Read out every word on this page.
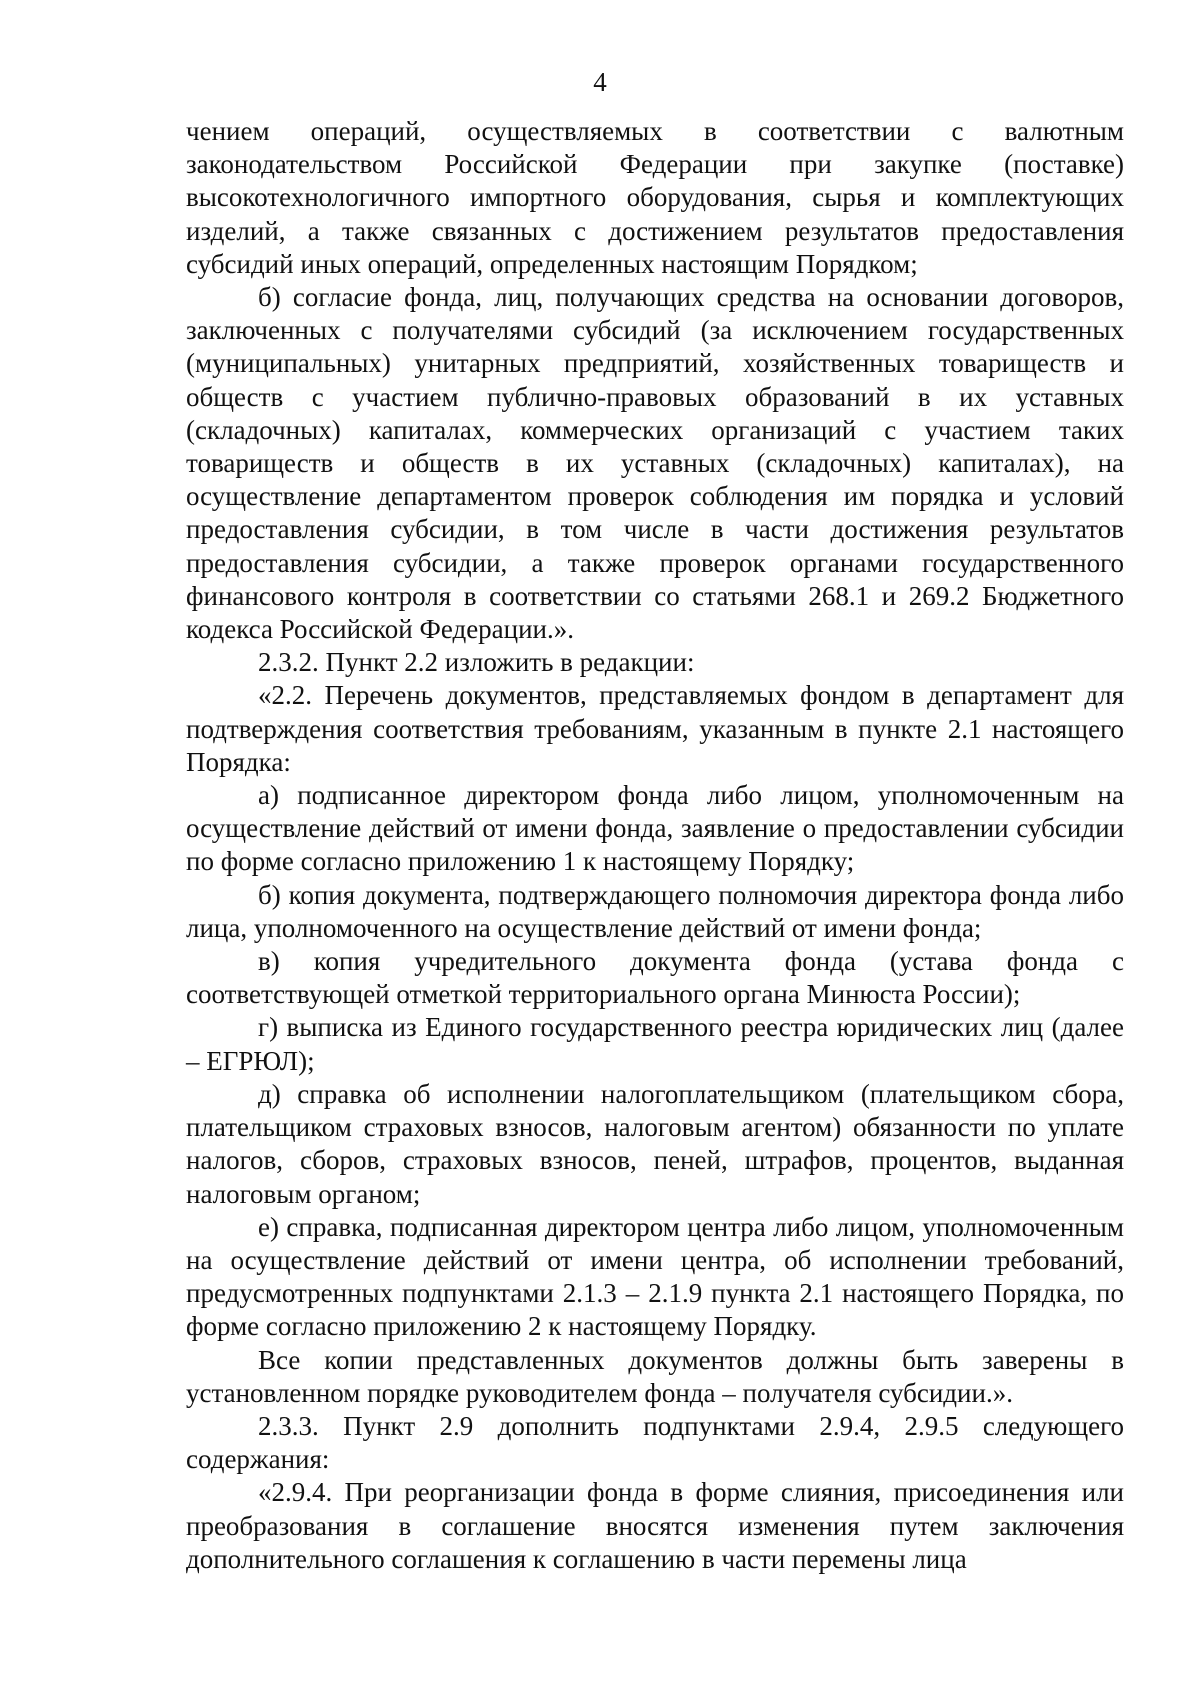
4

чением операций, осуществляемых в соответствии с валютным законодательством Российской Федерации при закупке (поставке) высокотехнологичного импортного оборудования, сырья и комплектующих изделий, а также связанных с достижением результатов предоставления субсидий иных операций, определенных настоящим Порядком;

б) согласие фонда, лиц, получающих средства на основании договоров, заключенных с получателями субсидий (за исключением государственных (муниципальных) унитарных предприятий, хозяйственных товариществ и обществ с участием публично-правовых образований в их уставных (складочных) капиталах, коммерческих организаций с участием таких товариществ и обществ в их уставных (складочных) капиталах), на осуществление департаментом проверок соблюдения им порядка и условий предоставления субсидии, в том числе в части достижения результатов предоставления субсидии, а также проверок органами государственного финансового контроля в соответствии со статьями 268.1 и 269.2 Бюджетного кодекса Российской Федерации.».

2.3.2. Пункт 2.2 изложить в редакции:

«2.2. Перечень документов, представляемых фондом в департамент для подтверждения соответствия требованиям, указанным в пункте 2.1 настоящего Порядка:

а) подписанное директором фонда либо лицом, уполномоченным на осуществление действий от имени фонда, заявление о предоставлении субсидии по форме согласно приложению 1 к настоящему Порядку;

б) копия документа, подтверждающего полномочия директора фонда либо лица, уполномоченного на осуществление действий от имени фонда;

в) копия учредительного документа фонда (устава фонда с соответствующей отметкой территориального органа Минюста России);

г) выписка из Единого государственного реестра юридических лиц (далее – ЕГРЮЛ);

д) справка об исполнении налогоплательщиком (плательщиком сбора, плательщиком страховых взносов, налоговым агентом) обязанности по уплате налогов, сборов, страховых взносов, пеней, штрафов, процентов, выданная налоговым органом;

е) справка, подписанная директором центра либо лицом, уполномоченным на осуществление действий от имени центра, об исполнении требований, предусмотренных подпунктами 2.1.3 – 2.1.9 пункта 2.1 настоящего Порядка, по форме согласно приложению 2 к настоящему Порядку.

Все копии представленных документов должны быть заверены в установленном порядке руководителем фонда – получателя субсидии.».

2.3.3. Пункт 2.9 дополнить подпунктами 2.9.4, 2.9.5 следующего содержания:

«2.9.4. При реорганизации фонда в форме слияния, присоединения или преобразования в соглашение вносятся изменения путем заключения дополнительного соглашения к соглашению в части перемены лица
